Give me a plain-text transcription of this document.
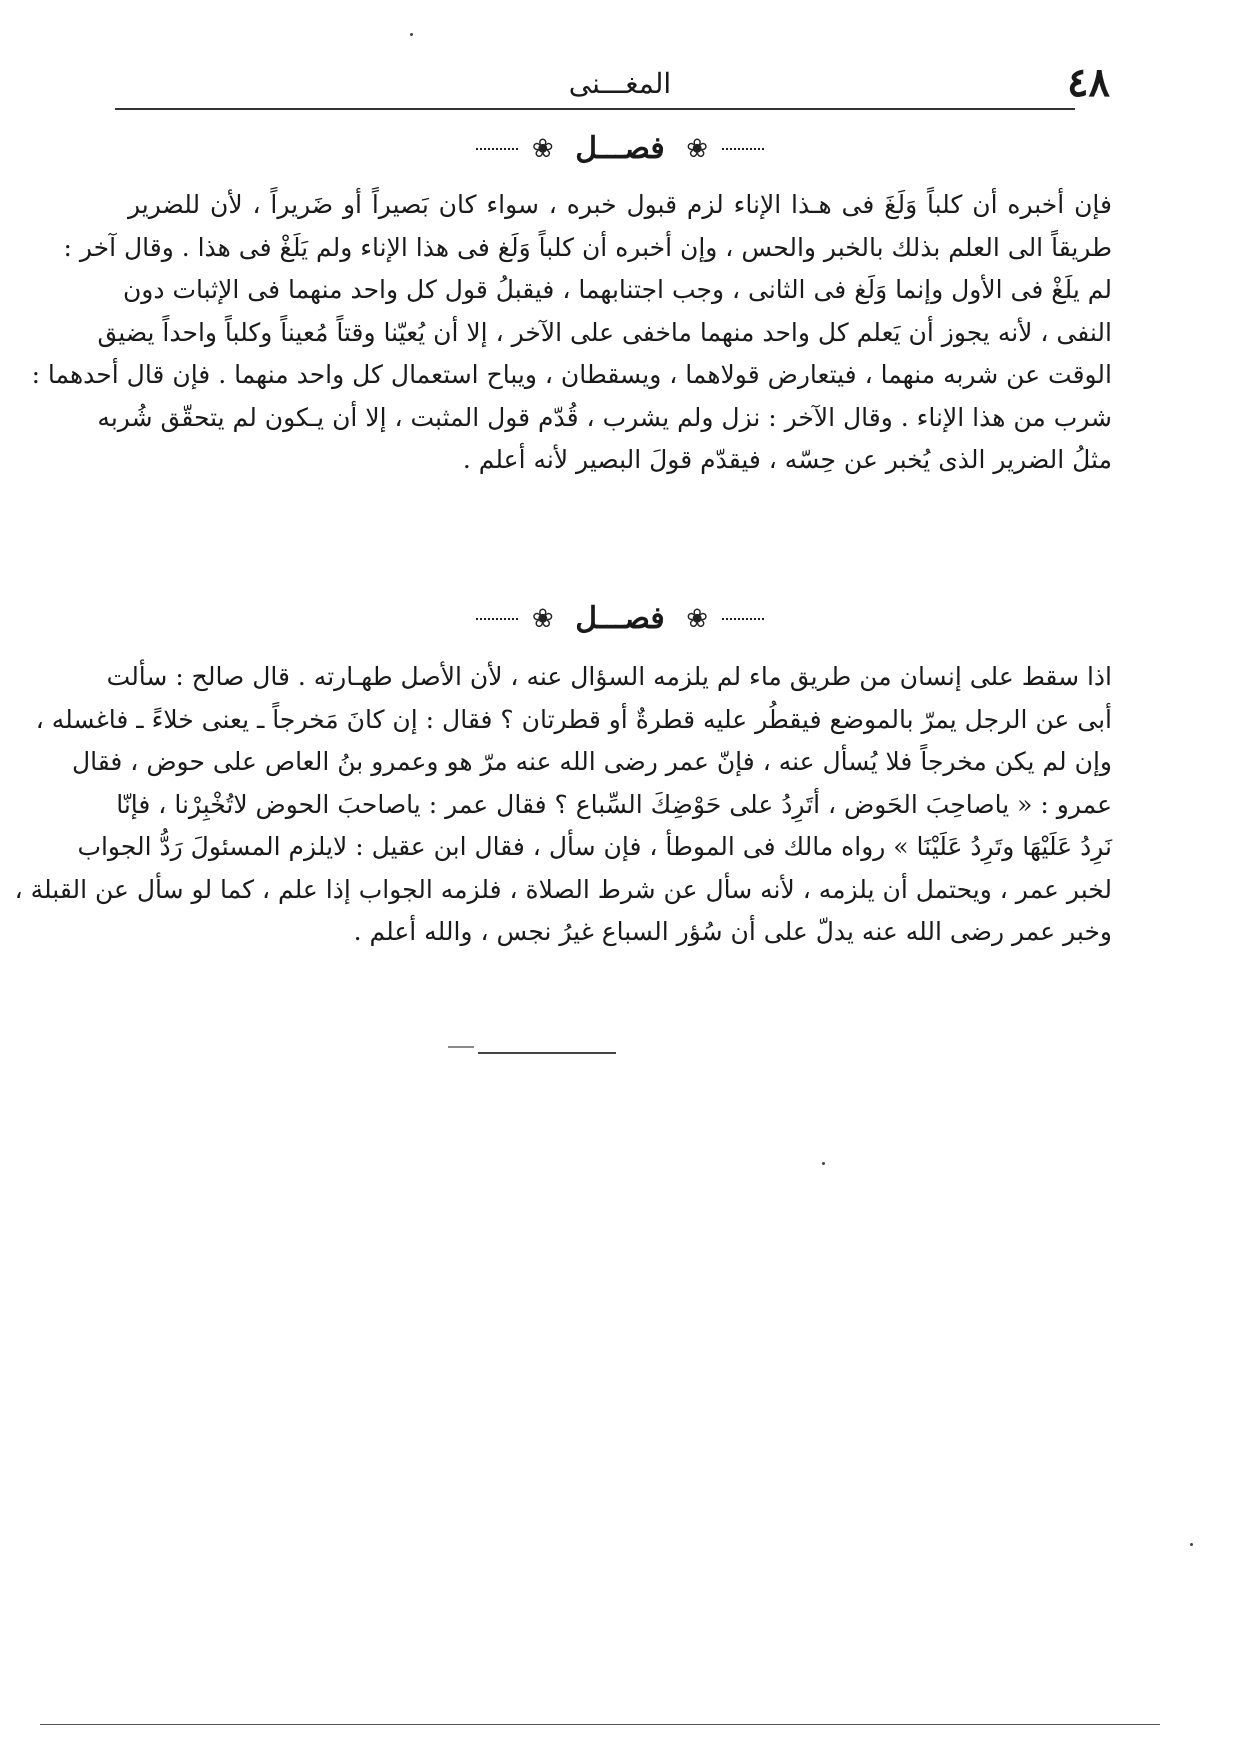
٤٨
المغـــنى
❀ فصـــل ❀
فإن أخبره أن كلباً وَلَغَ فى هـذا الإناء لزم قبول خبره ، سواء كان بَصيراً أو ضَريراً ، لأن للضرير
طريقاً الى العلم بذلك بالخبر والحس ، وإن أخبره أن كلباً وَلَغ فى هذا الإناء ولم يَلَغْ فى هذا . وقال آخر :
لم يلَغْ فى الأول وإنما وَلَغ فى الثانى ، وجب اجتنابهما ، فيقبلُ قول كل واحد منهما فى الإثبات دون
النفى ، لأنه يجوز أن يَعلم كل واحد منهما ماخفى على الآخر ، إلا أن يُعيّنا وقتاً مُعيناً وكلباً واحداً يضيق
الوقت عن شربه منهما ، فيتعارض قولاهما ، ويسقطان ، ويباح استعمال كل واحد منهما . فإن قال أحدهما :
شرب من هذا الإناء . وقال الآخر : نزل ولم يشرب ، قُدّم قول المثبت ، إلا أن يـكون لم يتحقّق شُربه
مثلُ الضرير الذى يُخبر عن حِسّه ، فيقدّم قولَ البصير لأنه أعلم .
❀ فصـــل ❀
اذا سقط على إنسان من طريق ماء لم يلزمه السؤال عنه ، لأن الأصل طهـارته . قال صالح : سألت
أبى عن الرجل يمرّ بالموضع فيقطُر عليه قطرةٌ أو قطرتان ؟ فقال : إن كانَ مَخرجاً ـ يعنى خلاءً ـ فاغسله ،
وإن لم يكن مخرجاً فلا يُسأل عنه ، فإنّ عمر رضى الله عنه مرّ هو وعمرو بنُ العاص على حوض ، فقال
عمرو : « ياصاحِبَ الحَوض ، أتَرِدُ على حَوْضِكَ السِّباع ؟ فقال عمر : ياصاحبَ الحوض لاتُخْبِرْنا ، فإنّا
نَرِدُ عَلَيْهَا وتَرِدُ عَلَيْنَا » رواه مالك فى الموطأ ، فإن سأل ، فقال ابن عقيل : لايلزم المسئولَ رَدُّ الجواب
لخبر عمر ، ويحتمل أن يلزمه ، لأنه سأل عن شرط الصلاة ، فلزمه الجواب إذا علم ، كما لو سأل عن القبلة ،
وخبر عمر رضى الله عنه يدلّ على أن سُؤر السباع غيرُ نجس ، والله أعلم .
